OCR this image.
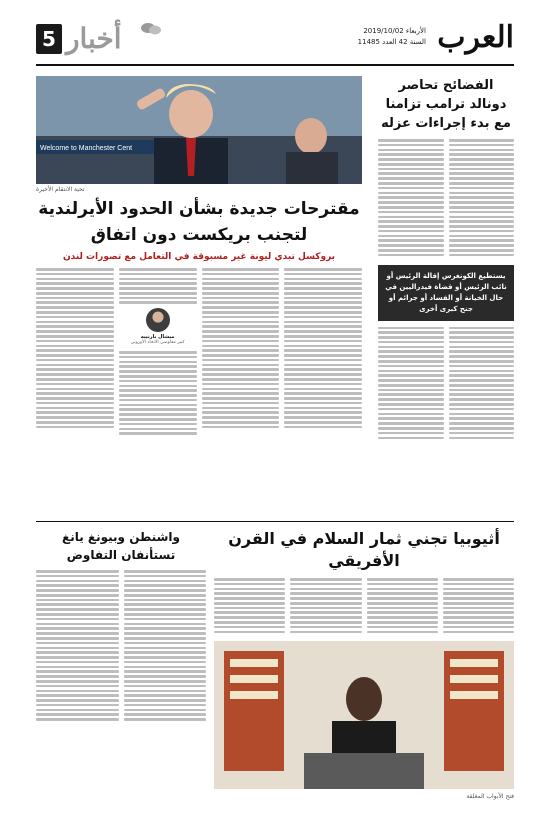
5 أخبار	الأربعاء 2019/10/02
السنة 42 العدد 11485 العرب
Welcome to Manchester Cent
تحية الانتقام الأخيرة
الفضائح تحاصر دونالد ترامب تزامنا مع بدء إجراءات عزله
يستطيع الكونغرس إقالة الرئيس أو نائب الرئيس أو قضاة فيدراليين في حال الخيانة أو الفساد أو جرائم أو جنح كبرى أخرى
مقترحات جديدة بشأن الحدود الأيرلندية لتجنب بريكست دون اتفاق
بروكسل تبدي ليونة غير مسبوقة في التعامل مع تصورات لندن
ميشال بارنييه
كبير مفاوضي الاتحاد الأوروبي
أثيوبيا تجني ثمار السلام في القرن الأفريقي
فتح الأبواب المغلقة
واشنطن وبيونغ يانغ تستأنفان التفاوض
